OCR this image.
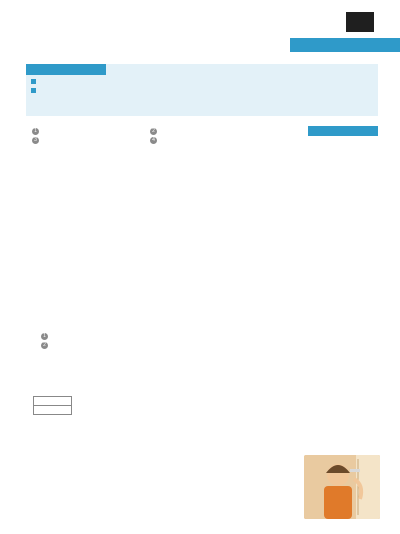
1	2
3	4
1
2
